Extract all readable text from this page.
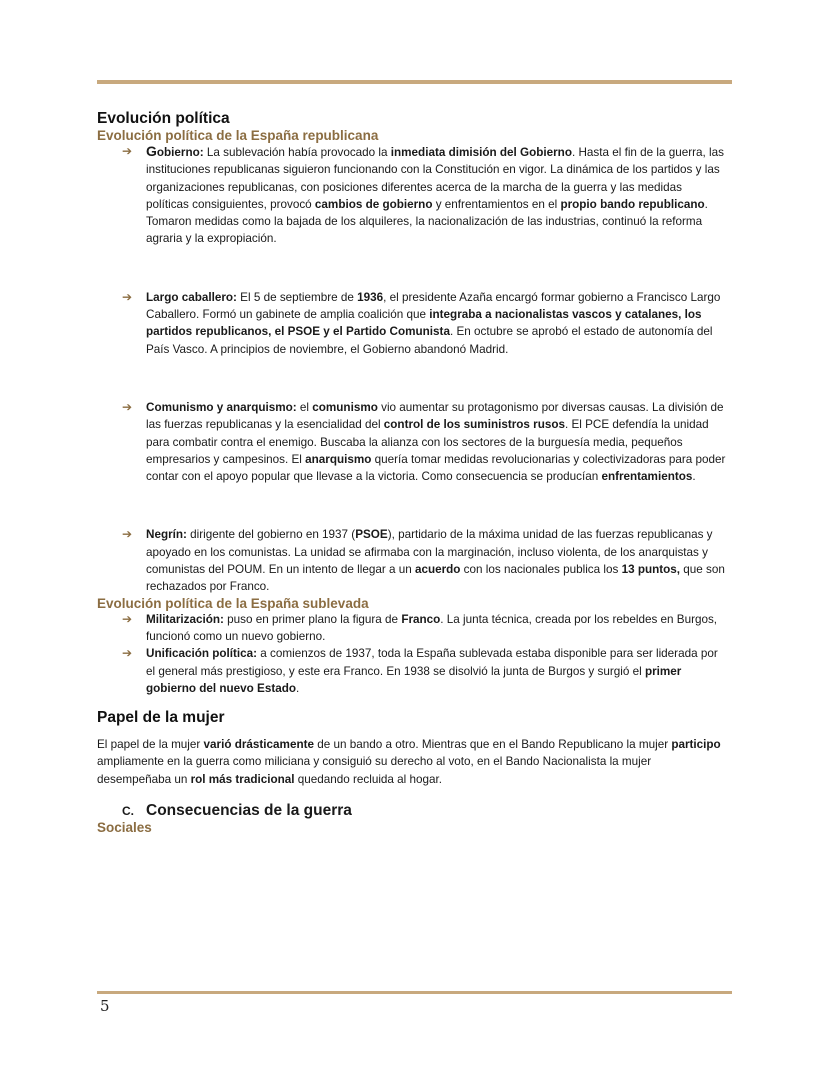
Evolución política
Evolución política de la España republicana
➔ Gobierno: La sublevación había provocado la inmediata dimisión del Gobierno. Hasta el fin de la guerra, las instituciones republicanas siguieron funcionando con la Constitución en vigor. La dinámica de los partidos y las organizaciones republicanas, con posiciones diferentes acerca de la marcha de la guerra y las medidas políticas consiguientes, provocó cambios de gobierno y enfrentamientos en el propio bando republicano. Tomaron medidas como la bajada de los alquileres, la nacionalización de las industrias, continuó la reforma agraria y la expropiación.
➔ Largo caballero: El 5 de septiembre de 1936, el presidente Azaña encargó formar gobierno a Francisco Largo Caballero. Formó un gabinete de amplia coalición que integraba a nacionalistas vascos y catalanes, los partidos republicanos, el PSOE y el Partido Comunista. En octubre se aprobó el estado de autonomía del País Vasco. A principios de noviembre, el Gobierno abandonó Madrid.
➔ Comunismo y anarquismo: el comunismo vio aumentar su protagonismo por diversas causas. La división de las fuerzas republicanas y la esencialidad del control de los suministros rusos. El PCE defendía la unidad para combatir contra el enemigo. Buscaba la alianza con los sectores de la burguesía media, pequeños empresarios y campesinos. El anarquismo quería tomar medidas revolucionarias y colectivizadoras para poder contar con el apoyo popular que llevase a la victoria. Como consecuencia se producían enfrentamientos.
➔ Negrín: dirigente del gobierno en 1937 (PSOE), partidario de la máxima unidad de las fuerzas republicanas y apoyado en los comunistas. La unidad se afirmaba con la marginación, incluso violenta, de los anarquistas y comunistas del POUM. En un intento de llegar a un acuerdo con los nacionales publica los 13 puntos, que son rechazados por Franco.
Evolución política de la España sublevada
➔ Militarización: puso en primer plano la figura de Franco. La junta técnica, creada por los rebeldes en Burgos, funcionó como un nuevo gobierno.
➔ Unificación política: a comienzos de 1937, toda la España sublevada estaba disponible para ser liderada por el general más prestigioso, y este era Franco. En 1938 se disolvió la junta de Burgos y surgió el primer gobierno del nuevo Estado.
Papel de la mujer

El papel de la mujer varió drásticamente de un bando a otro. Mientras que en el Bando Republicano la mujer participo ampliamente en la guerra como miliciana y consiguió su derecho al voto, en el Bando Nacionalista la mujer desempeñaba un rol más tradicional quedando recluida al hogar.

C. Consecuencias de la guerra
Sociales
5
